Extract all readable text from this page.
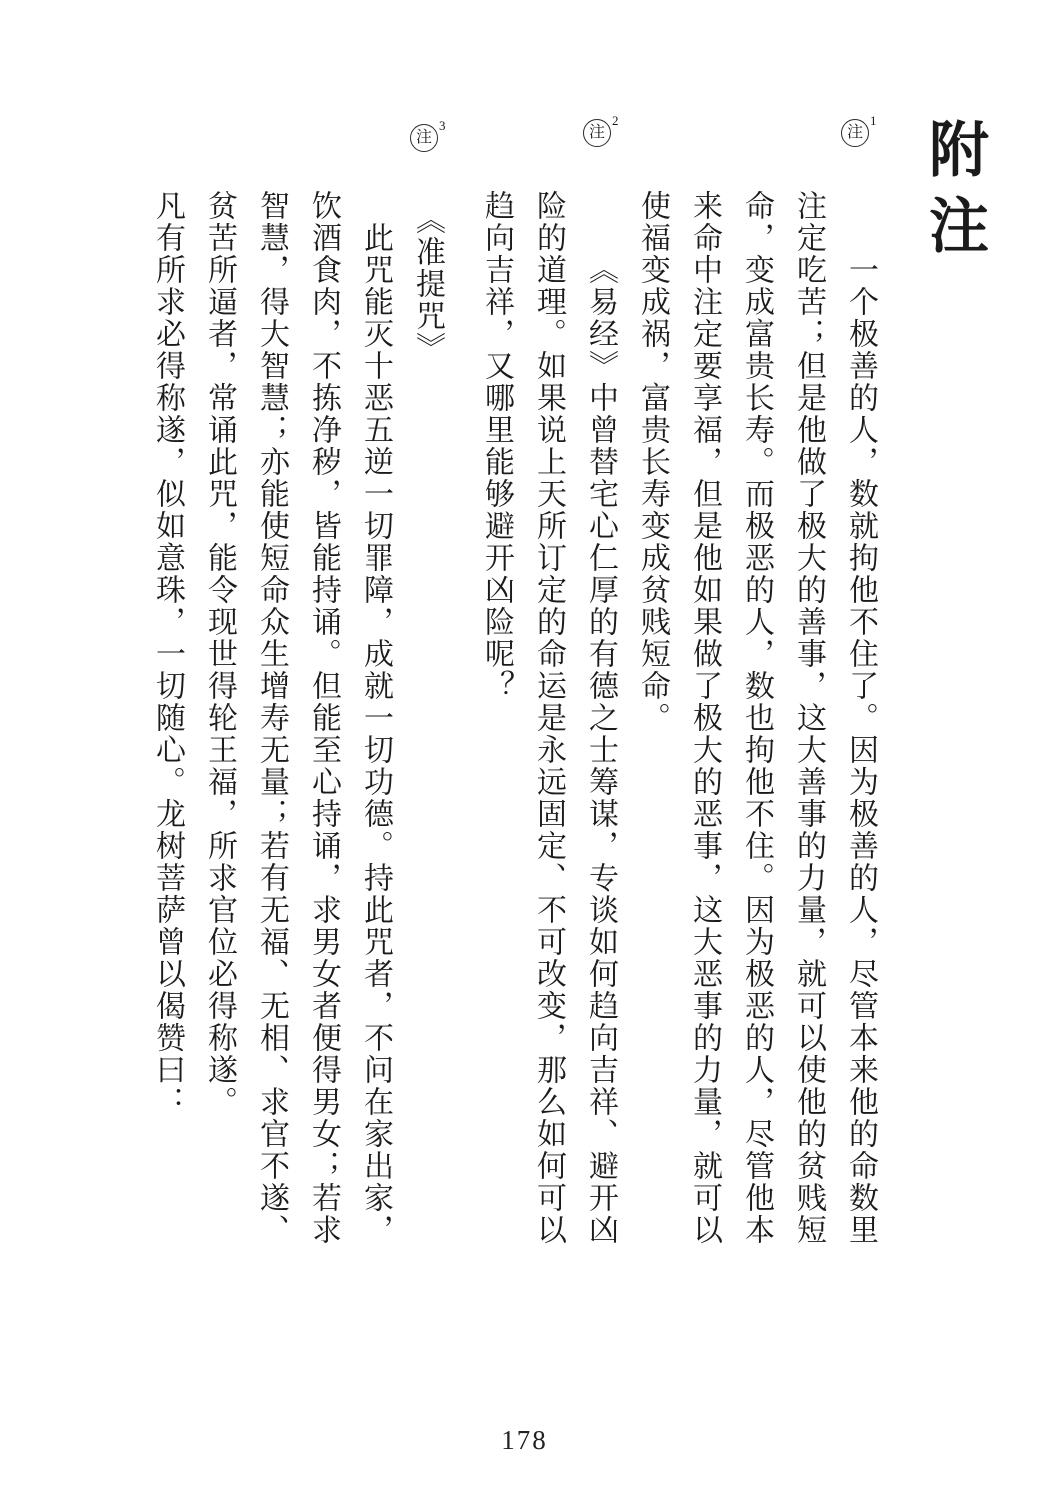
附注
注
1
注
2
注
3

一个极善的人，数就拘他不住了。因为极善的人，尽管本来他的命数里

注定吃苦；但是他做了极大的善事，这大善事的力量，就可以使他的贫贱短

命，变成富贵长寿。而极恶的人，数也拘他不住。因为极恶的人，尽管他本

来命中注定要享福，但是他如果做了极大的恶事，这大恶事的力量，就可以

使福变成祸，富贵长寿变成贫贱短命。

《易经》中曾替宅心仁厚的有德之士筹谋，专谈如何趋向吉祥、避开凶

险的道理。如果说上天所订定的命运是永远固定、不可改变，那么如何可以

趋向吉祥，又哪里能够避开凶险呢？

《准提咒》

此咒能灭十恶五逆一切罪障，成就一切功德。持此咒者，不问在家出家，

饮酒食肉，不拣净秽，皆能持诵。但能至心持诵，求男女者便得男女；若求

智慧，得大智慧；亦能使短命众生增寿无量；若有无福、无相、求官不遂、

贫苦所逼者，常诵此咒，能令现世得轮王福，所求官位必得称遂。

凡有所求必得称遂，似如意珠，一切随心。龙树菩萨曾以偈赞曰：

178
